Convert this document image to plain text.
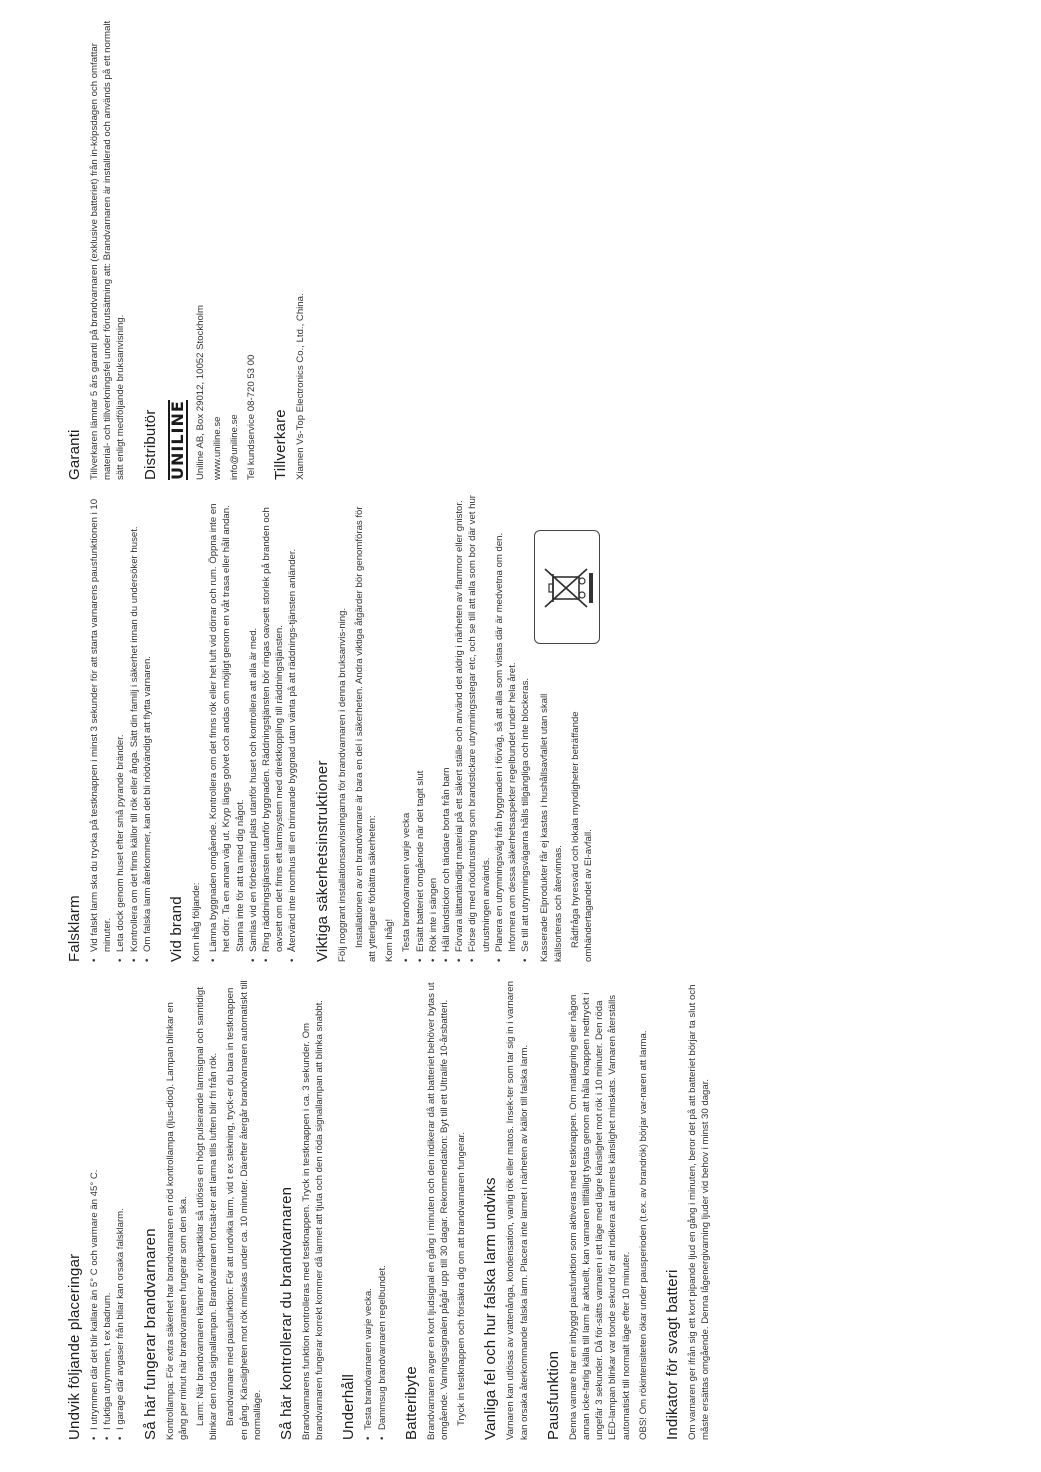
Undvik följande placeringar • I utrymmen där det blir kallare än 5° C och varmare än 45° C. • I fuktiga utrymmen, t ex badrum. • I garage där avgaser från bilar kan orsaka falsklarm. Så här fungerar brandvarnaren Kontrollampa: För extra säkerhet har brandvarnaren en röd kontrollampa (ljus-diod). Lampan blinkar en gång per minut när brandvarnaren fungerar som den ska. Larm: När brandvarnaren känner av rökpartiklar så utlöses en högt pulserande larmsignal och samtidigt blinkar den röda signallampan. Brandvarnaren fortsät-ter att larma tills luften blir fri från rök. Brandvarnare med pausfunktion: För att undvika larm, vid t ex stekning, tryck-er du bara in testknappen en gång. Känsligheten mot rök minskas under ca. 10 minuter. Därefter återgår brandvarnaren automatiskt till normalläge. Så här kontrollerar du brandvarnaren Brandvarnarens funktion kontrolleras med testknappen. Tryck in testknappen i ca. 3 sekunder. Om brandvarnaren fungerar korrekt kommer då larmet att tjuta och den röda signallampan att blinka snabbt. Underhåll • Testa brandvarnaren varje vecka. • Dammsug brandvarnaren regelbundet. Batteribyte Brandvarnaren avger en kort ljudsignal en gång i minuten och den indikerar då att batteriet behöver bytas ut omgående. Varningssignalen pågår upp till 30 dagar. Rekommendation: Byt till ett Ultralife 10-årsbatteri. Tryck in testknappen och försäkra dig om att brandvarnaren fungerar. Vanliga fel och hur falska larm undviks Varnaren kan utlösas av vattenånga, kondensation, vanlig rök eller matos. Insek-ter som tar sig in i varnaren kan orsaka återkommande falska larm. Placera inte larmet i närheten av källor till falska larm. Pausfunktion Denna varnare har en inbyggd pausfunktion som aktiveras med testknappen. Om matlagning eller någon annan icke-farlig källa till larm är aktuellt, kan varnaren tillfälligt tystas genom att hålla knappen nedtryckt i ungefär 3 sekunder. Då för-sätts varnaren i ett läge med lägre känslighet mot rök i 10 minuter. Den röda LED-lampan blinkar var tionde sekund för att indikera att larmets känslighet minskats. Varnaren återställs automatiskt till normalt läge efter 10 minuter. OBS! Om rökintensiteten ökar under pausperioden (t.ex. av brandrök) börjar var-naren att larma. Indikator för svagt batteri Om varnaren ger ifrån sig ett kort pipande ljud en gång i minuten, beror det på att batteriet börjar ta slut och måste ersättas omgående. Denna lågenergivarning ljuder vid behov i minst 30 dagar.

Falsklarm • Vid falskt larm ska du trycka på testknappen i minst 3 sekunder för att starta varnarens pausfunktionen i 10 minuter. • Leta dock genom huset efter små pyrande bränder. • Kontrollera om det finns källor till rök eller ånga. Sätt din familj i säkerhet innan du undersöker huset. • Om falska larm återkommer, kan det bli nödvändigt att flytta varnaren. Vid brand Kom ihåg följande: • Lämna byggnaden omgående. Kontrollera om det finns rök eller het luft vid dörrar och rum. Öppna inte en het dörr. Ta en annan väg ut. Kryp längs golvet och andas om möjligt genom en våt trasa eller håll andan. Stanna inte för att ta med dig något. • Samlas vid en förbestämd plats utanför huset och kontrollera att alla är med. • Ring räddningstjänsten utanför byggnaden. Räddningstjänsten bör ringas oavsett storlek på branden och oavsett om det finns ett larmsystem med direktkoppling till räddningstjänsten. • Återvänd inte inomhus till en brinnande byggnad utan vänta på att räddnings-tjänsten anländer. Viktiga säkerhetsinstruktioner Följ noggrant installationsanvisningarna för brandvarnaren i denna bruksanvis-ning. Installationen av en brandvarnare är bara en del i säkerheten. Andra viktiga åtgärder bör genomföras för att ytterligare förbättra säkerheten: Kom ihåg! • Testa brandvarnaren varje vecka • Ersätt batteriet omgående när det tagit slut • Rök inte i sängen • Håll tändstickor och tändare borta från barn • Förvara lättantändligt material på ett säkert ställe och använd det aldrig i närheten av flammor eller gnistor. • Förse dig med nödutrustning som brandstickare utrymningsstegar etc, och se till att alla som bor där vet hur utrustningen används. • Planera en utrymningsväg från byggnaden i förväg, så att alla som vistas där är medvetna om den. Informera om dessa säkerhetsaspekter regelbundet under hela året. • Se till att utrymningsvägarna hålls tillgängliga och inte blockeras. Kasserade Elprodukter får ej kastas i hushållsavfallet utan skall källsorteras och återvinnas. Rådfråga hyresvärd och lokala myndigheter beträffande omhändertagandet av El-avfall.

Garanti Tillverkaren lämnar 5 års garanti på brandvarnaren (exklusive batteriet) från in-köpsdagen och omfattar material- och tillverkningsfel under förutsättning att: Brandvarnaren är installerad och används på ett normalt sätt enligt medföljande bruksanvisning. Distributör UNILINE Uniline AB, Box 29012, 10052 Stockholm www.uniline.se info@uniline.se Tel kundservice 08-720 53 00 Tillverkare Xiamen Vs-Top Electronics Co., Ltd., China.
